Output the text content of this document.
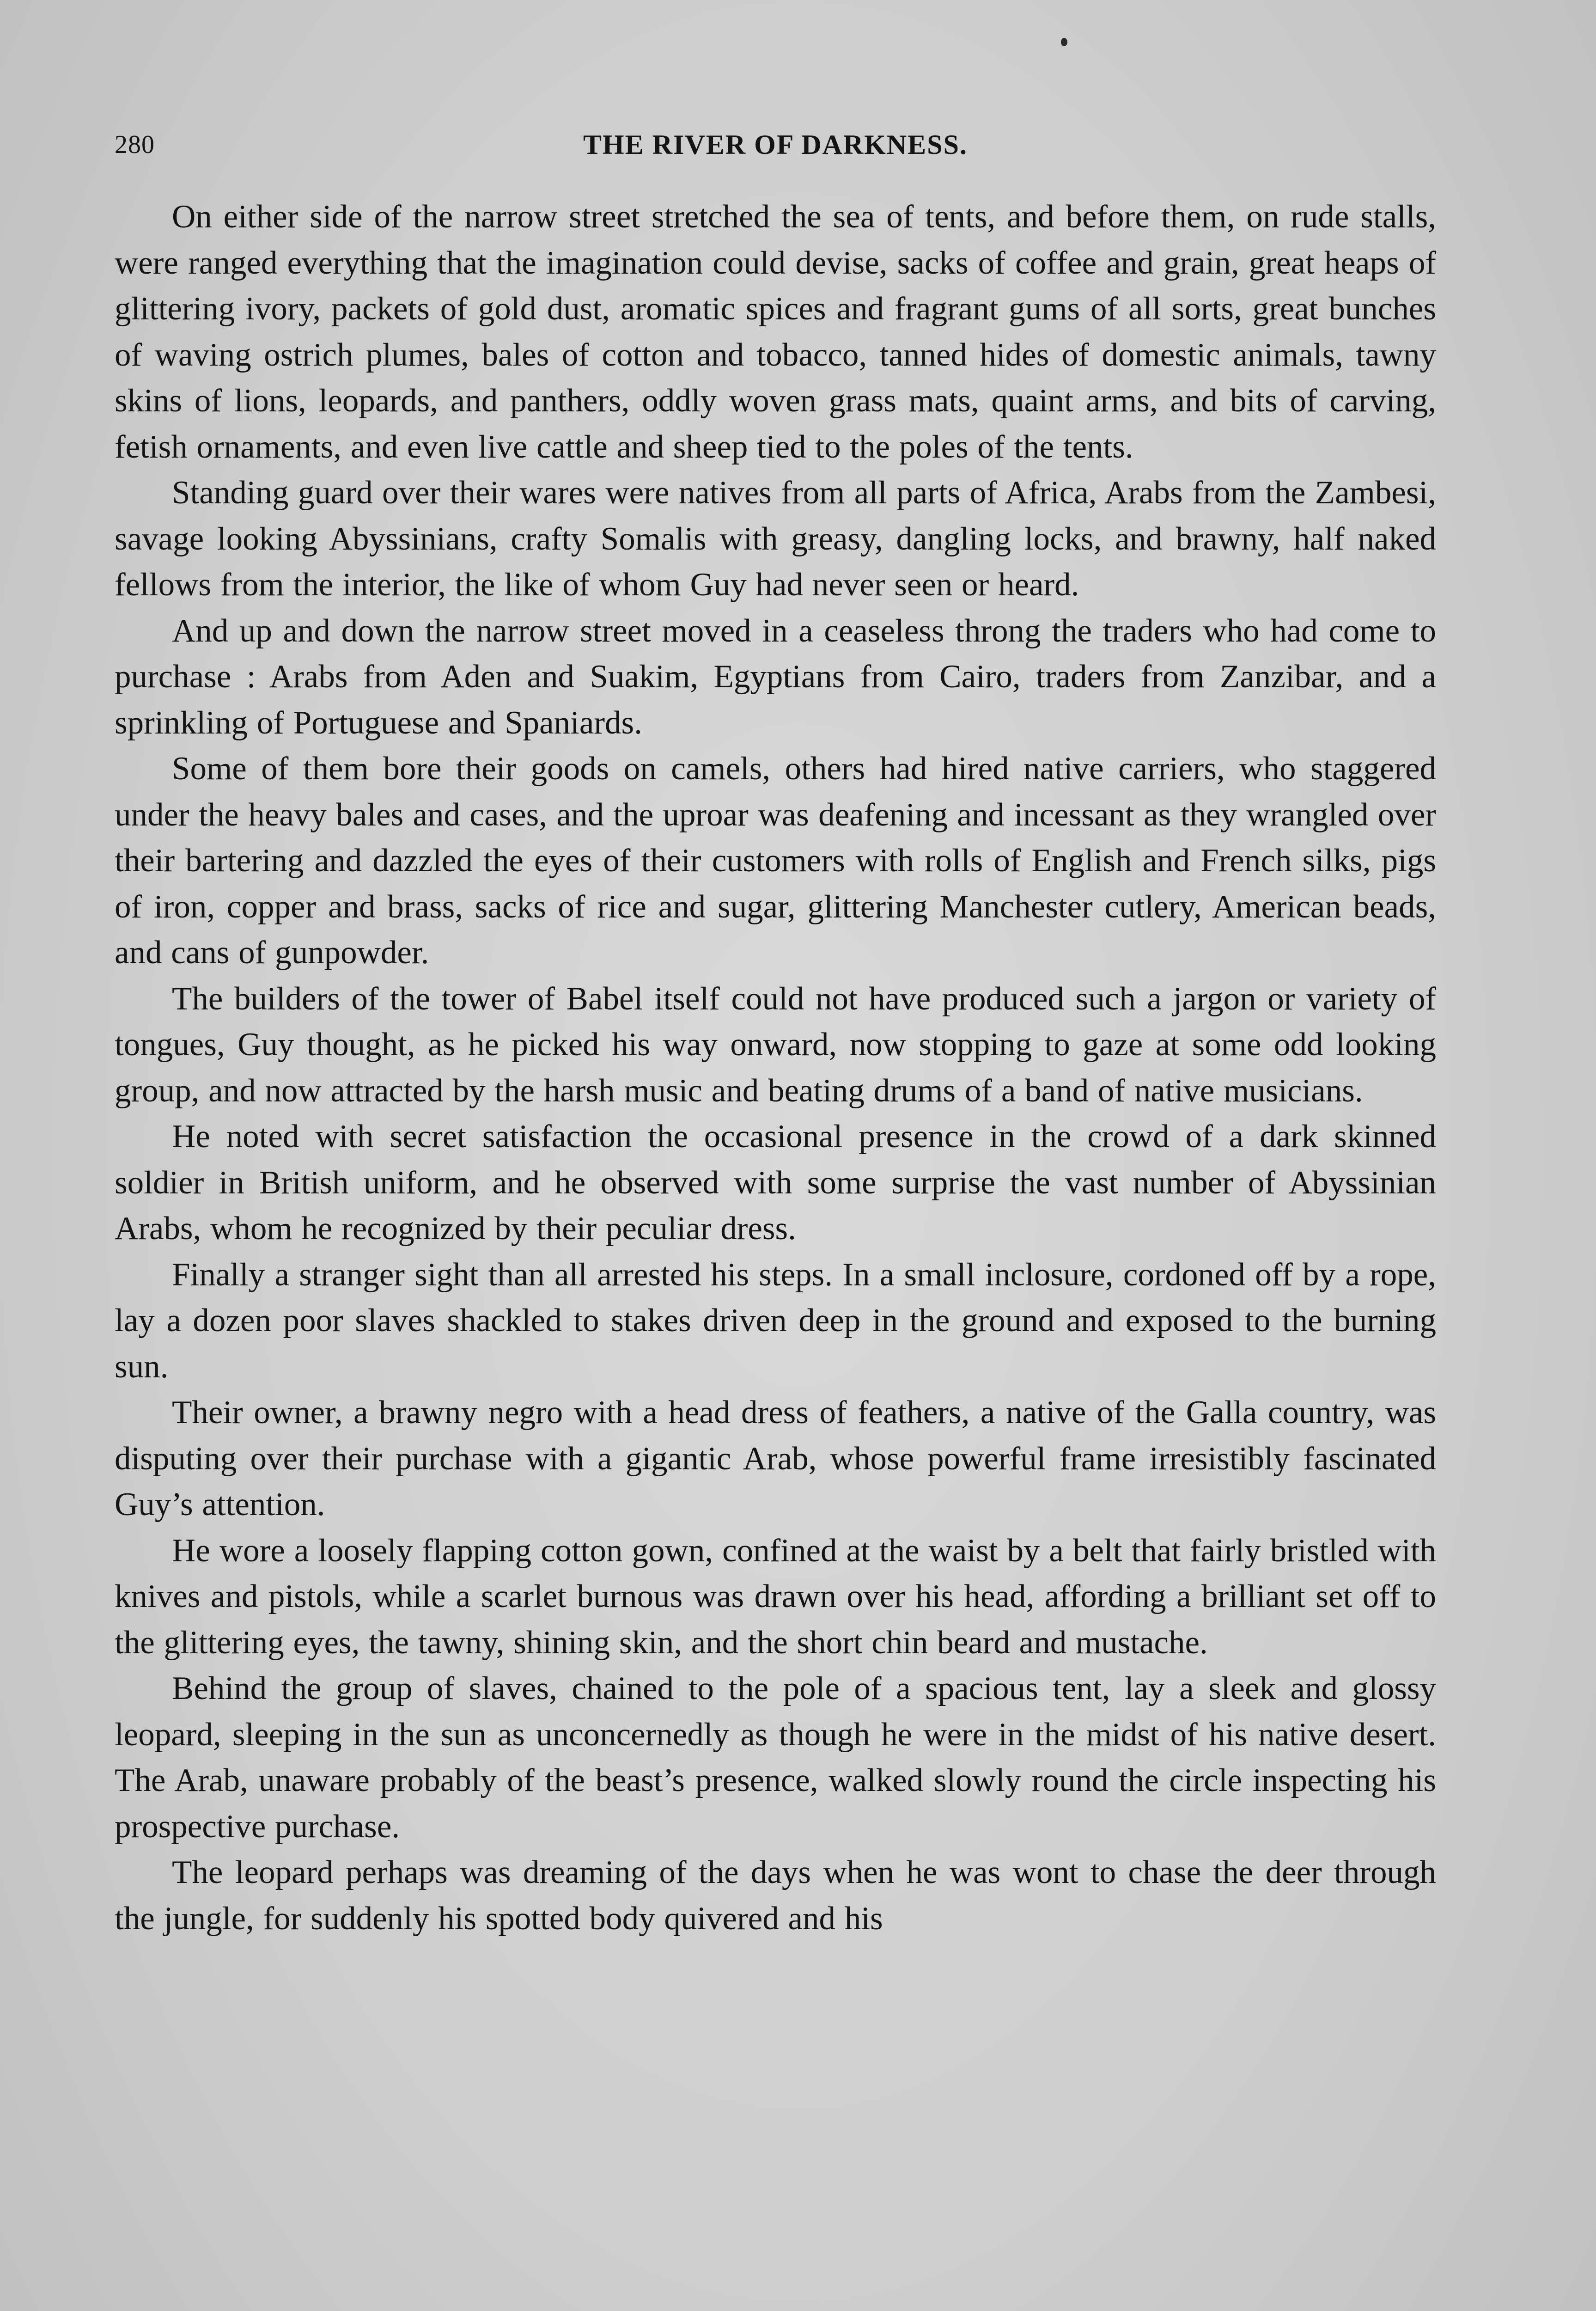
280	THE RIVER OF DARKNESS.

On either side of the narrow street stretched the sea of tents, and before them, on rude stalls, were ranged everything that the imagination could devise, sacks of coffee and grain, great heaps of glittering ivory, packets of gold dust, aromatic spices and fragrant gums of all sorts, great bunches of waving ostrich plumes, bales of cotton and tobacco, tanned hides of domestic animals, tawny skins of lions, leopards, and panthers, oddly woven grass mats, quaint arms, and bits of carving, fetish ornaments, and even live cattle and sheep tied to the poles of the tents.

Standing guard over their wares were natives from all parts of Africa, Arabs from the Zambesi, savage looking Abyssinians, crafty Somalis with greasy, dangling locks, and brawny, half naked fellows from the interior, the like of whom Guy had never seen or heard.

And up and down the narrow street moved in a ceaseless throng the traders who had come to purchase : Arabs from Aden and Suakim, Egyptians from Cairo, traders from Zanzibar, and a sprinkling of Portuguese and Spaniards.

Some of them bore their goods on camels, others had hired native carriers, who staggered under the heavy bales and cases, and the uproar was deafening and incessant as they wrangled over their bartering and dazzled the eyes of their customers with rolls of English and French silks, pigs of iron, copper and brass, sacks of rice and sugar, glittering Manchester cutlery, American beads, and cans of gunpowder.

The builders of the tower of Babel itself could not have produced such a jargon or variety of tongues, Guy thought, as he picked his way onward, now stopping to gaze at some odd looking group, and now attracted by the harsh music and beating drums of a band of native musicians.

He noted with secret satisfaction the occasional presence in the crowd of a dark skinned soldier in British uniform, and he observed with some surprise the vast number of Abyssinian Arabs, whom he recognized by their peculiar dress.

Finally a stranger sight than all arrested his steps. In a small inclosure, cordoned off by a rope, lay a dozen poor slaves shackled to stakes driven deep in the ground and exposed to the burning sun.

Their owner, a brawny negro with a head dress of feathers, a native of the Galla country, was disputing over their purchase with a gigantic Arab, whose powerful frame irresistibly fascinated Guy’s attention.

He wore a loosely flapping cotton gown, confined at the waist by a belt that fairly bristled with knives and pistols, while a scarlet burnous was drawn over his head, affording a brilliant set off to the glittering eyes, the tawny, shining skin, and the short chin beard and mustache.

Behind the group of slaves, chained to the pole of a spacious tent, lay a sleek and glossy leopard, sleeping in the sun as unconcernedly as though he were in the midst of his native desert. The Arab, unaware probably of the beast’s presence, walked slowly round the circle inspecting his prospective purchase.

The leopard perhaps was dreaming of the days when he was wont to chase the deer through the jungle, for suddenly his spotted body quivered and his
